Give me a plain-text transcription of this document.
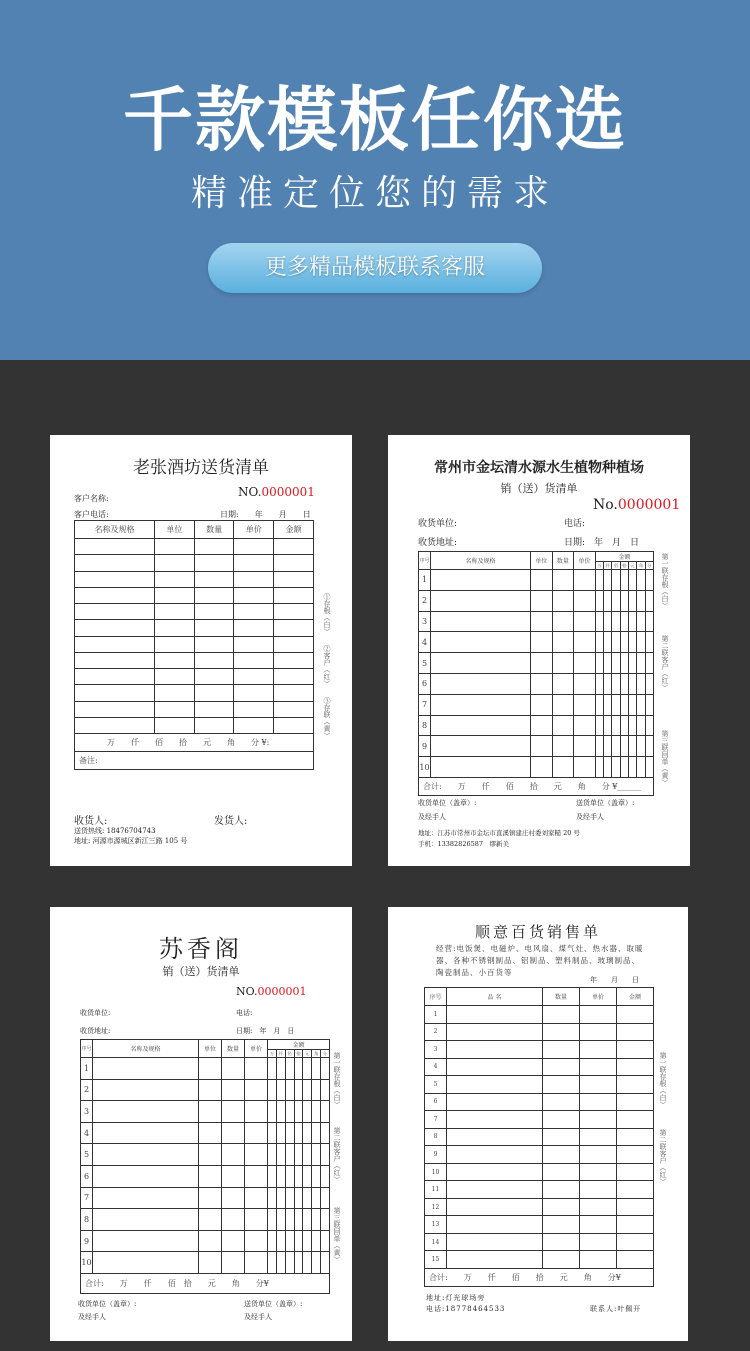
千款模板任你选
精准定位您的需求
更多精品模板联系客服
老张酒坊送货清单
NO.0000001
客户名称:
客户电话:	日期:　　年　　月　　日
名称及规格	单位	数量	单价	金额

万　　仟　　佰　　拾　　元　　角　　分 ¥:				
备注:				
①存根（白）
②客户（红）
③存联（黄）
收货人:	发货人:
送货热线: 18476704743
地址: 河源市源城区新江三路 105 号
常州市金坛清水源水生植物种植场
销（送）货清单
No.0000001
收货单位:	电话:
收货地址:	日期:　年　月　日
序号	名称及规格	单位	数量	单价	金额						
					万	仟	佰	拾	元	角	分
1											
2											
3											
4											
5											
6											
7											
8											
9											
10											
合计:　　万　　仟　　佰　　拾　　元　　角　　分 ¥______											
第一联存根（白）
第二联客户（红）
第三联回单（黄）
收货单位（盖章）:	送货单位（盖章）:
及经手人	及经手人
地址：江苏市常州市金坛市直溪镇建庄村委刘家糙 20 号
手机：13382826587　缪新美
苏香阁
销（送）货清单
NO.0000001
收货单位:	电话:
收货地址:	日期:　年　月　日
序号	名称及规格	单位	数量	单价	金额						
					万	仟	佰	拾	元	角	分
1											
2											
3											
4											
5											
6											
7											
8											
9											
10											
合计:　　万　　仟　　佰　拾　　元　　角　　分¥											
第一联存根（白）
第二联客户（红）
第三联回单（黄）
收货单位（盖章）:	送货单位（盖章）:
及经手人	及经手人
顺意百货销售单
经营:电饭煲、电磁炉、电风扇、煤气灶、热水器、取暖器、各种不锈钢制品、铝制品、塑料制品、玻璃制品、陶瓷制品、小百货等
年　　月　　日
序号	品 名	数量	单价	金额
1				
2				
3				
4				
5				
6				
7				
8				
9				
10				
11				
12				
13				
14				
15				
合计:　　万　　仟　　佰　　拾　　元　　角　　分¥				
第一联存根（白）
第二联客户（红）
地址:灯光球场旁
电话:18778464533	联系人:叶佩开
